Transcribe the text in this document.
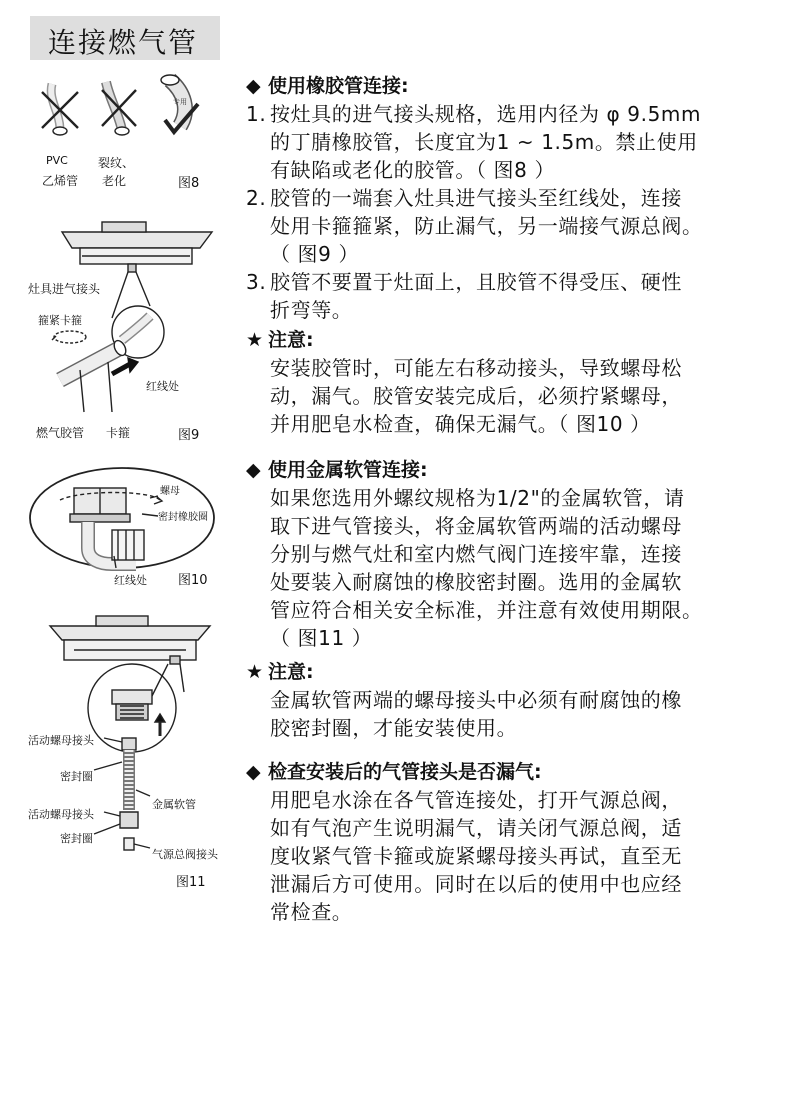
连接燃气管
专用
PVC
乙烯管
裂纹、
老化	图8
灶具进气接头
箍紧卡箍
红线处
燃气胶管 卡箍	图9
螺母
密封橡胶圈
红线处 图10
活动螺母接头
密封圈
金属软管
活动螺母接头
密封圈
气源总阀接头
图11
◆ 使用橡胶管连接:
1. 按灶具的进气接头规格，选用内径为 φ 9.5mm
的丁腈橡胶管，长度宜为1 ~ 1.5m。禁止使用
有缺陷或老化的胶管。（ 图8 ）
2. 胶管的一端套入灶具进气接头至红线处，连接
处用卡箍箍紧，防止漏气，另一端接气源总阀。
（ 图9 ）
3. 胶管不要置于灶面上，且胶管不得受压、硬性
折弯等。
★ 注意:
安装胶管时，可能左右移动接头，导致螺母松
动，漏气。胶管安装完成后，必须拧紧螺母，
并用肥皂水检查，确保无漏气。（ 图10 ）
◆ 使用金属软管连接:
如果您选用外螺纹规格为1/2"的金属软管，请
取下进气管接头，将金属软管两端的活动螺母
分别与燃气灶和室内燃气阀门连接牢靠，连接
处要装入耐腐蚀的橡胶密封圈。选用的金属软
管应符合相关安全标准，并注意有效使用期限。
（ 图11 ）
★ 注意:
金属软管两端的螺母接头中必须有耐腐蚀的橡
胶密封圈，才能安装使用。
◆ 检查安装后的气管接头是否漏气:
用肥皂水涂在各气管连接处，打开气源总阀，
如有气泡产生说明漏气，请关闭气源总阀，适
度收紧气管卡箍或旋紧螺母接头再试，直至无
泄漏后方可使用。同时在以后的使用中也应经
常检查。
